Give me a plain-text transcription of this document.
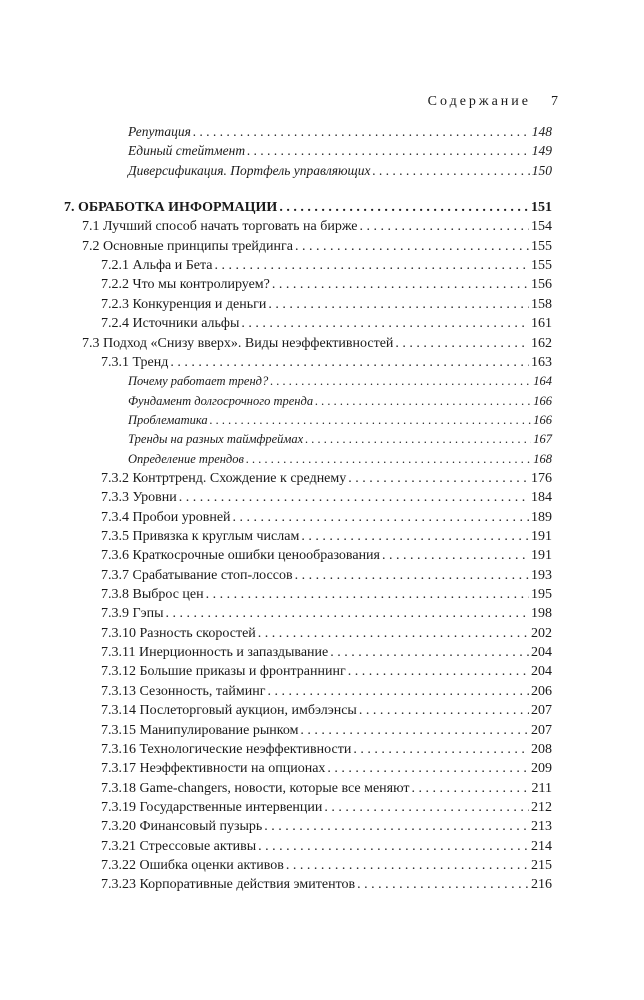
Содержание 7
Репутация . . .	148
Единый стейтмент . . .	149
Диверсификация. Портфель управляющих . . .	150
7. ОБРАБОТКА ИНФОРМАЦИИ . . .	151
7.1 Лучший способ начать торговать на бирже . . .	154
7.2 Основные принципы трейдинга . . .	155
7.2.1 Альфа и Бета . . .	155
7.2.2 Что мы контролируем? . . .	156
7.2.3 Конкуренция и деньги . . .	158
7.2.4 Источники альфы . . .	161
7.3 Подход «Снизу вверх». Виды неэффективностей . . .	162
7.3.1 Тренд . . .	163
Почему работает тренд? . . .	164
Фундамент долгосрочного тренда . . .	166
Проблематика . . .	166
Тренды на разных таймфреймах . . .	167
Определение трендов . . .	168
7.3.2 Контртренд. Схождение к среднему . . .	176
7.3.3 Уровни . . .	184
7.3.4 Пробои уровней . . .	189
7.3.5 Привязка к круглым числам . . .	191
7.3.6 Краткосрочные ошибки ценообразования . . .	191
7.3.7 Срабатывание стоп-лоссов . . .	193
7.3.8 Выброс цен . . .	195
7.3.9 Гэпы . . .	198
7.3.10 Разность скоростей . . .	202
7.3.11 Инерционность и запаздывание . . .	204
7.3.12 Большие приказы и фронтраннинг . . .	204
7.3.13 Сезонность, тайминг . . .	206
7.3.14 Послеторговый аукцион, имбэлэнсы . . .	207
7.3.15 Манипулирование рынком . . .	207
7.3.16 Технологические неэффективности . . .	208
7.3.17 Неэффективности на опционах . . .	209
7.3.18 Game-changers, новости, которые все меняют . . .	211
7.3.19 Государственные интервенции . . .	212
7.3.20 Финансовый пузырь . . .	213
7.3.21 Стрессовые активы . . .	214
7.3.22 Ошибка оценки активов . . .	215
7.3.23 Корпоративные действия эмитентов . . .	216
